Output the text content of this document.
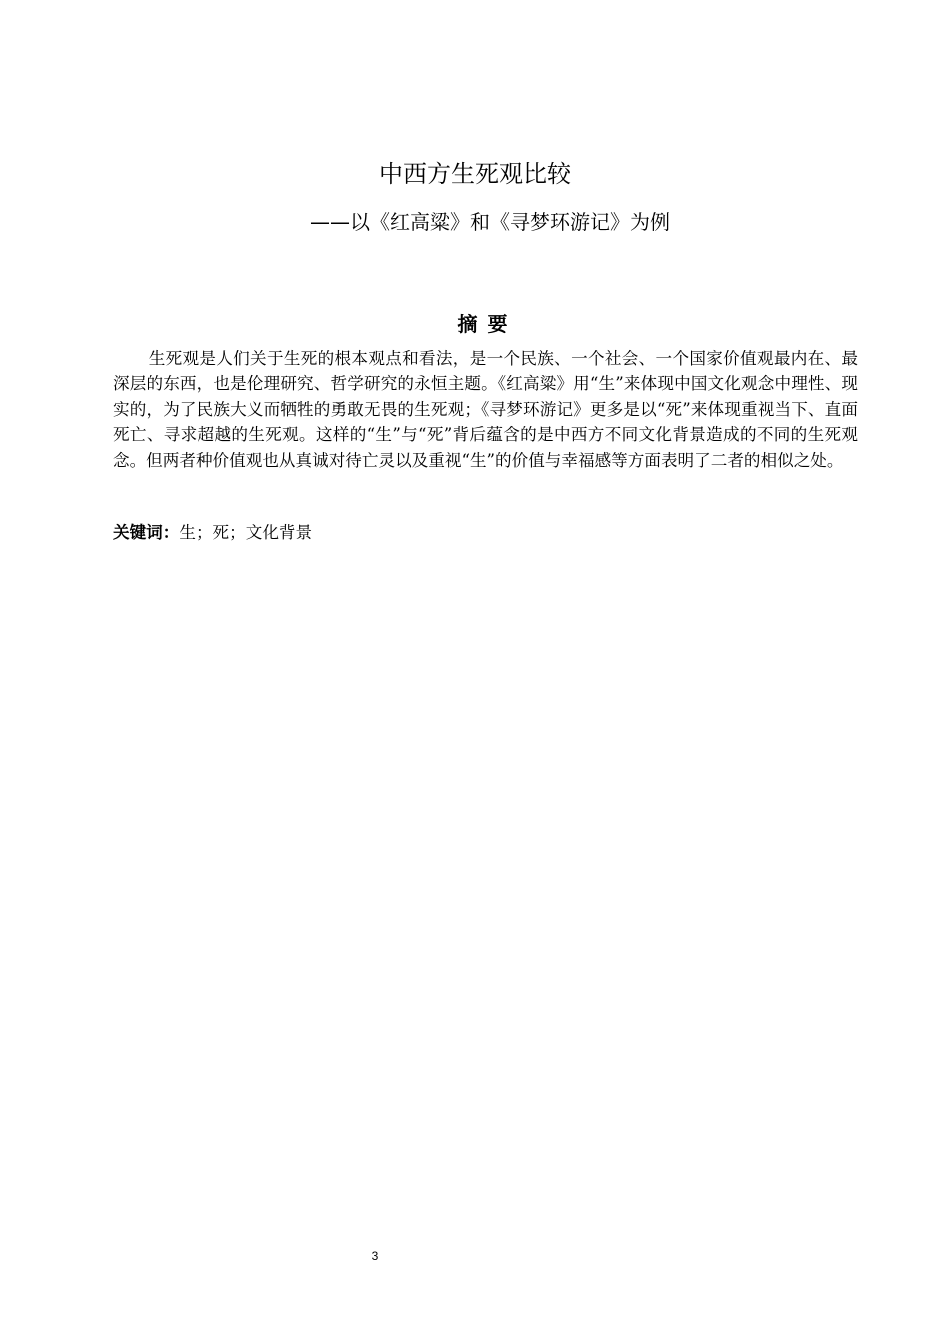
中西方生死观比较
——以《红高粱》和《寻梦环游记》为例
摘要
生死观是人们关于生死的根本观点和看法，是一个民族、一个社会、一个国家价值观最内在、最深层的东西，也是伦理研究、哲学研究的永恒主题。《红高粱》用“生”来体现中国文化观念中理性、现实的，为了民族大义而牺牲的勇敢无畏的生死观；《寻梦环游记》更多是以“死”来体现重视当下、直面死亡、寻求超越的生死观。这样的“生”与“死”背后蕴含的是中西方不同文化背景造成的不同的生死观念。但两者种价值观也从真诚对待亡灵以及重视“生”的价值与幸福感等方面表明了二者的相似之处。
关键词：生；死；文化背景
3
